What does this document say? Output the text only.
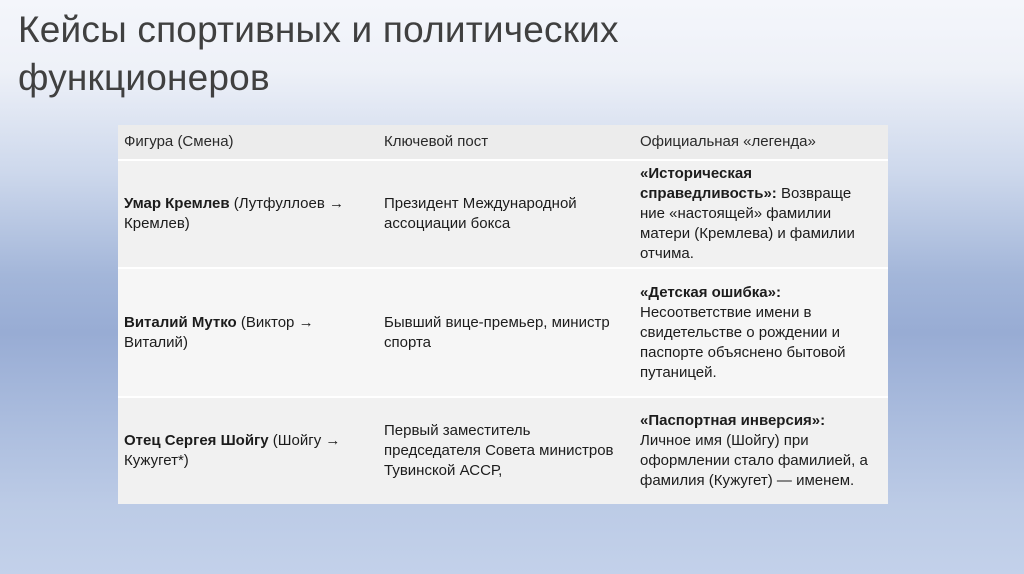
Кейсы спортивных и политических функционеров
Фигура (Смена)	Ключевой пост	Официальная «легенда»
Умар Кремлев (Лутфуллоев → Кремлев)	Президент Международной ассоциации бокса	«Историческая справедливость»: Возвраще ние «настоящей» фамилии матери (Кремлева) и фамилии отчима.
Виталий Мутко (Виктор → Виталий)	Бывший вице-премьер, министр спорта	«Детская ошибка»: Несоответствие имени в свидетельстве о рождении и паспорте объяснено бытовой путаницей.
Отец Сергея Шойгу (Шойгу → Кужугет*)	Первый заместитель председателя Совета министров Тувинской АССР,	«Паспортная инверсия»: Личное имя (Шойгу) при оформлении стало фамилией, а фамилия (Кужугет) — именем.
